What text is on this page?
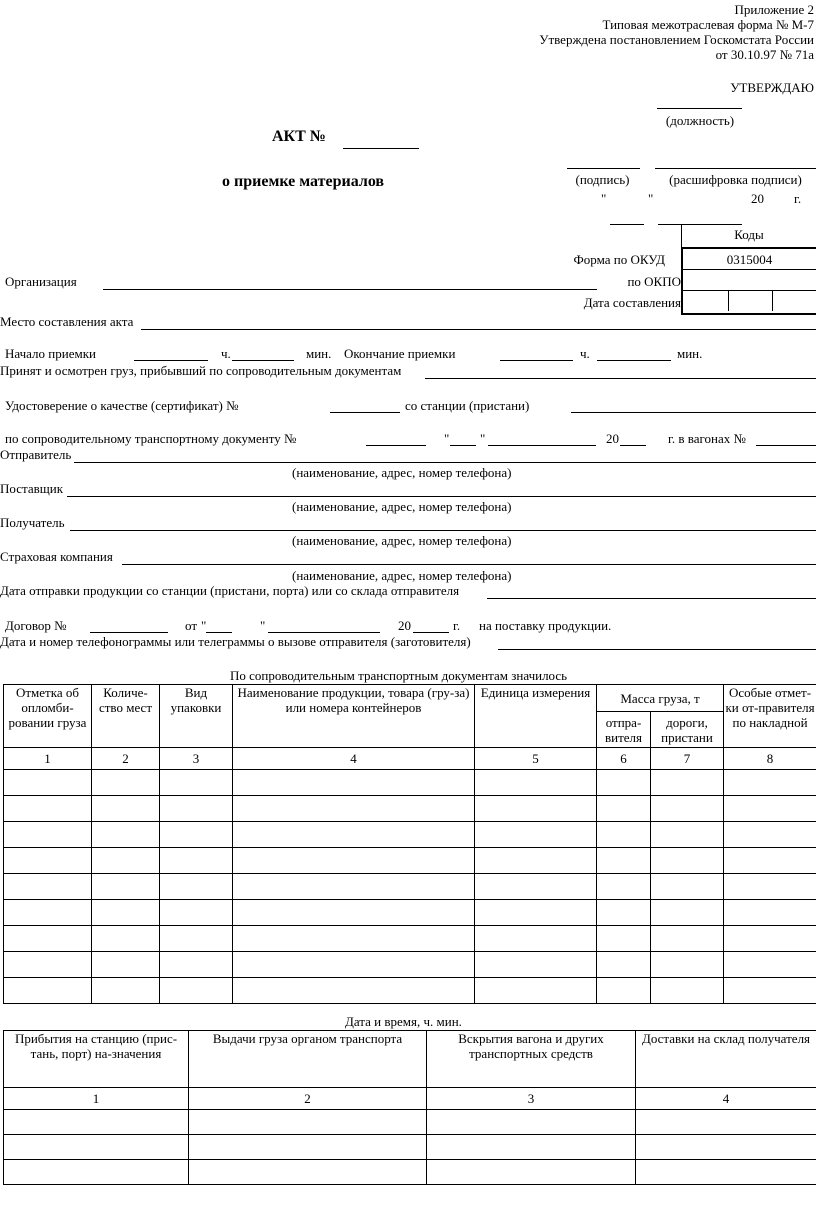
Приложение 2
Типовая межотраслевая форма № М-7
Утверждена постановлением Госкомстата России
от 30.10.97 № 71а
УТВЕРЖДАЮ
(должность)
(подпись)	(расшифровка подписи)
"	"	20 г.
АКТ №
о приемке материалов
Коды
Форма по ОКУД	0315004
по ОКПО
Дата составления
Организация
Место составления акта
Начало приемки	ч.	мин. Окончание приемки	ч.	мин.
Принят и осмотрен груз, прибывший по сопроводительным документам
Удостоверение о качестве (сертификат) №	со станции (пристани)
по сопроводительному транспортному документу №	" "	20	г. в вагонах №
Отправитель
(наименование, адрес, номер телефона)
Поставщик
(наименование, адрес, номер телефона)
Получатель
(наименование, адрес, номер телефона)
Страховая компания
(наименование, адрес, номер телефона)
Дата отправки продукции со станции (пристани, порта) или со склада отправителя
Договор №	от "	"	20	г. на поставку продукции.
Дата и номер телефонограммы или телеграммы о вызове отправителя (заготовителя)
По сопроводительным транспортным документам значилось
Отметка об опломби-ровании груза	Количе-ство мест	Вид упаковки	Наименование продукции, товара (гру-за) или номера контейнеров	Единица измерения	Масса груза, т		Особые отмет-ки от-правителя по накладной

					отпра-вителя	дороги, пристани	

1	2	3	4	5	6	7	8

Дата и время, ч. мин.
Прибытия на станцию (прис-тань, порт) на-значения	Выдачи груза органом транспорта	Вскрытия вагона и других транспортных средств	Доставки на склад получателя

1	2	3	4
